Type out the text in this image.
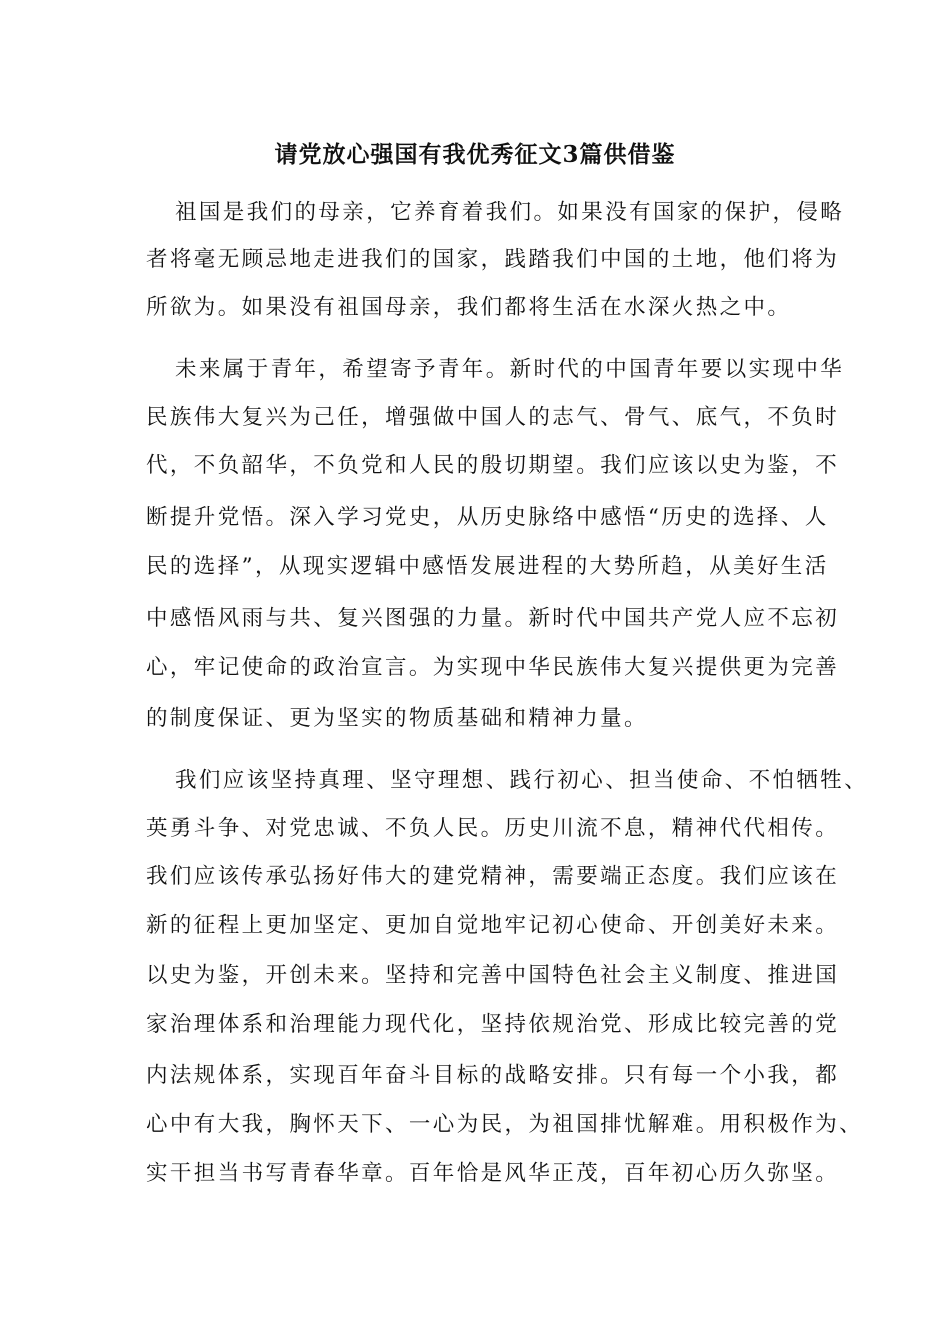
请党放心强国有我优秀征文3篇供借鉴
祖国是我们的母亲，它养育着我们。如果没有国家的保护，侵略
者将毫无顾忌地走进我们的国家，践踏我们中国的土地，他们将为
所欲为。如果没有祖国母亲，我们都将生活在水深火热之中。
未来属于青年，希望寄予青年。新时代的中国青年要以实现中华
民族伟大复兴为己任，增强做中国人的志气、骨气、底气，不负时
代，不负韶华，不负党和人民的殷切期望。我们应该以史为鉴，不
断提升党悟。深入学习党史，从历史脉络中感悟“历史的选择、人
民的选择”，从现实逻辑中感悟发展进程的大势所趋，从美好生活
中感悟风雨与共、复兴图强的力量。新时代中国共产党人应不忘初
心，牢记使命的政治宣言。为实现中华民族伟大复兴提供更为完善
的制度保证、更为坚实的物质基础和精神力量。
我们应该坚持真理、坚守理想、践行初心、担当使命、不怕牺牲、
英勇斗争、对党忠诚、不负人民。历史川流不息，精神代代相传。
我们应该传承弘扬好伟大的建党精神，需要端正态度。我们应该在
新的征程上更加坚定、更加自觉地牢记初心使命、开创美好未来。
以史为鉴，开创未来。坚持和完善中国特色社会主义制度、推进国
家治理体系和治理能力现代化，坚持依规治党、形成比较完善的党
内法规体系，实现百年奋斗目标的战略安排。只有每一个小我，都
心中有大我，胸怀天下、一心为民，为祖国排忧解难。用积极作为、
实干担当书写青春华章。百年恰是风华正茂，百年初心历久弥坚。
